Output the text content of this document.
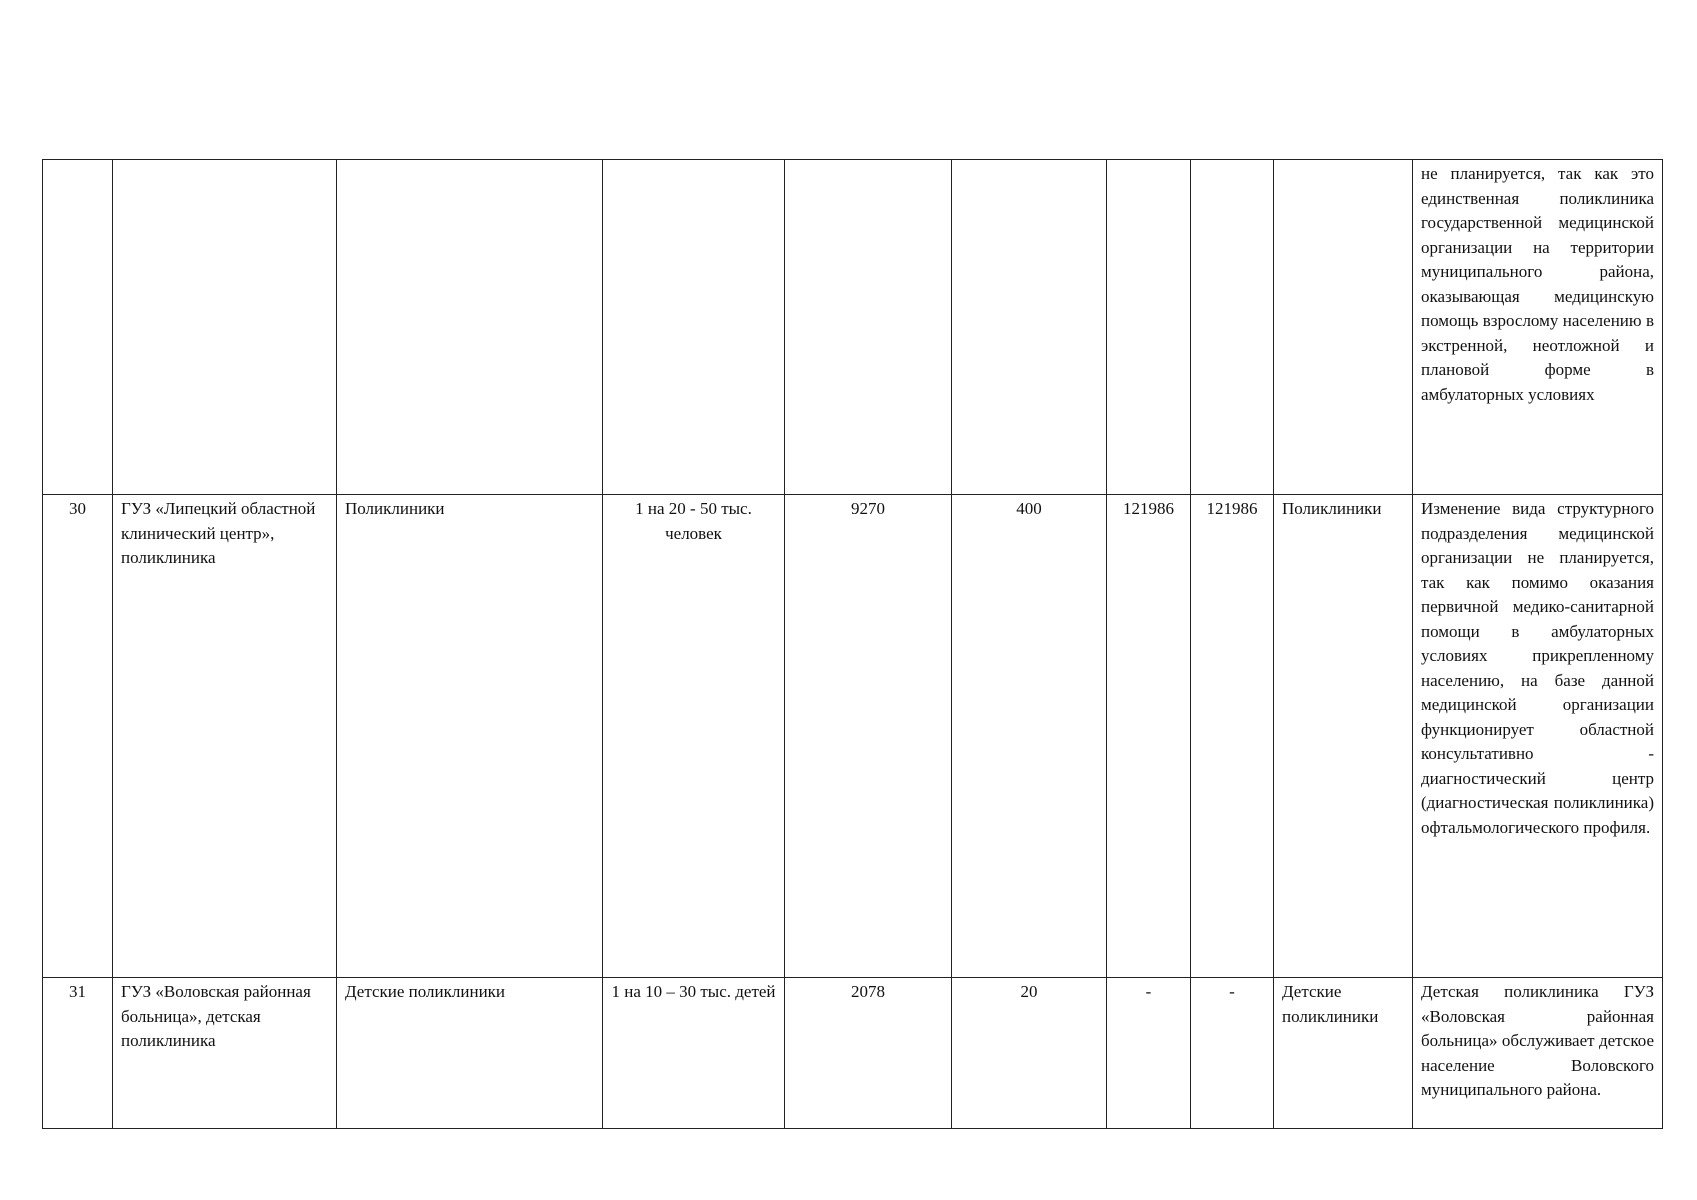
									не планируется, так как это единственная поликлиника государственной медицинской организации на территории муниципального района, оказывающая медицинскую помощь взрослому населению в экстренной, неотложной и плановой форме в амбулаторных условиях
30	ГУЗ «Липецкий областной клинический центр», поликлиника	Поликлиники	1 на 20 - 50 тыс. человек	9270	400	121986	121986	Поликлиники	Изменение вида структурного подразделения медицинской организации не планируется, так как помимо оказания первичной медико-санитарной помощи в амбулаторных условиях прикрепленному населению, на базе данной медицинской организации функционирует областной консультативно - диагностический центр (диагностическая поликлиника) офтальмологического профиля.
31	ГУЗ «Воловская районная больница», детская поликлиника	Детские поликлиники	1 на 10 – 30 тыс. детей	2078	20	-	-	Детские поликлиники	Детская поликлиника ГУЗ «Воловская районная больница» обслуживает детское население Воловского муниципального района.
